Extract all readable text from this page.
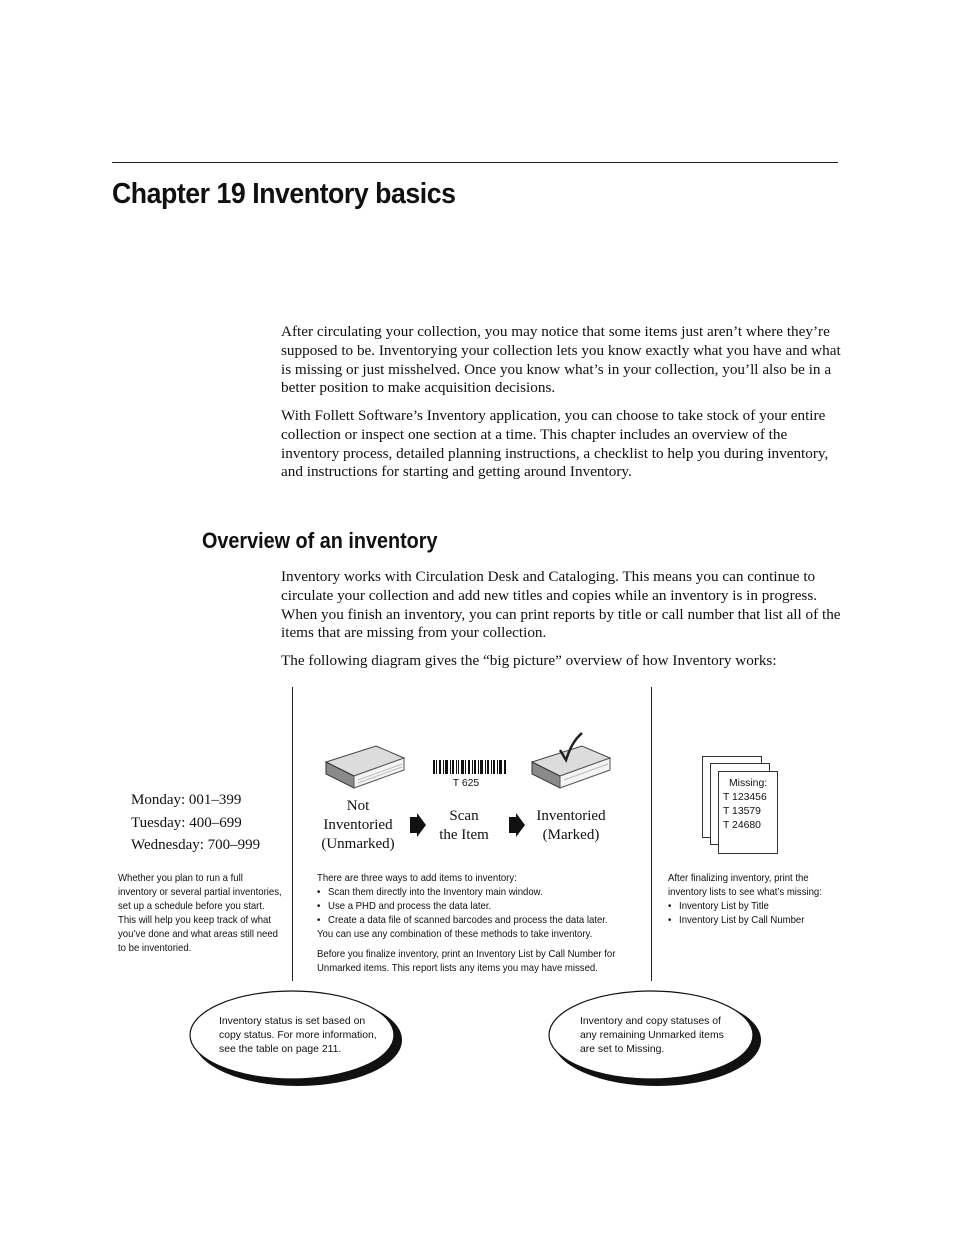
Chapter 19 Inventory basics

After circulating your collection, you may notice that some items just aren’t where they’re supposed to be. Inventorying your collection lets you know exactly what you have and what is missing or just misshelved. Once you know what’s in your collection, you’ll also be in a better position to make acquisition decisions.

With Follett Software’s Inventory application, you can choose to take stock of your entire collection or inspect one section at a time. This chapter includes an overview of the inventory process, detailed planning instructions, a checklist to help you during inventory, and instructions for starting and getting around Inventory.

Overview of an inventory

Inventory works with Circulation Desk and Cataloging. This means you can continue to circulate your collection and add new titles and copies while an inventory is in progress. When you finish an inventory, you can print reports by title or call number that list all of the items that are missing from your collection.

The following diagram gives the “big picture” overview of how Inventory works:

Monday: 001–399
Tuesday: 400–699
Wednesday: 700–999

Whether you plan to run a full inventory or several partial inventories, set up a schedule before you start. This will help you keep track of what you’ve done and what areas still need to be inventoried.

Not
Inventoried
(Unmarked)
T 625
Scan
the Item
Inventoried
(Marked)
There are three ways to add items to inventory:
• Scan them directly into the Inventory main window.
• Use a PHD and process the data later.
• Create a data file of scanned barcodes and process the data later.
You can use any combination of these methods to take inventory.
Before you finalize inventory, print an Inventory List by Call Number for Unmarked items. This report lists any items you may have missed.
Missing:
T 123456
T 13579
T 24680
After finalizing inventory, print the inventory lists to see what’s missing:
• Inventory List by Title
• Inventory List by Call Number
Inventory status is set based on copy status. For more information, see the table on page 211.
Inventory and copy statuses of any remaining Unmarked items are set to Missing.
